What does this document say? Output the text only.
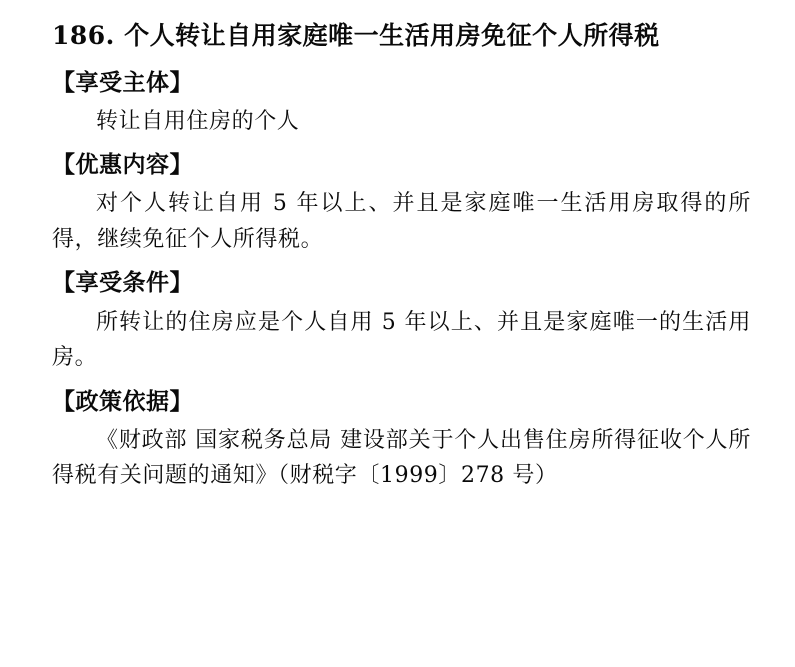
186. 个人转让自用家庭唯一生活用房免征个人所得税
【享受主体】

转让自用住房的个人

【优惠内容】

对个人转让自用 5 年以上、并且是家庭唯一生活用房取得的所得，继续免征个人所得税。

【享受条件】

所转让的住房应是个人自用 5 年以上、并且是家庭唯一的生活用房。

【政策依据】

《财政部 国家税务总局 建设部关于个人出售住房所得征收个人所得税有关问题的通知》（财税字〔1999〕278 号）
